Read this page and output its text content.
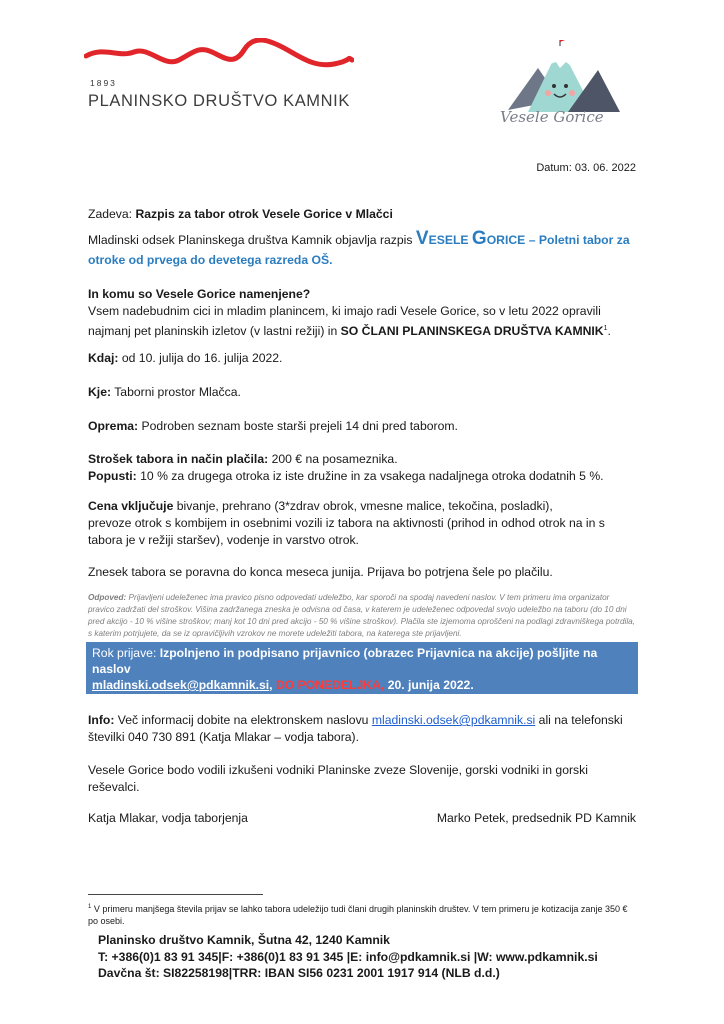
1893
PLANINSKO DRUŠTVO KAMNIK
Vesele Gorice
Datum: 03. 06. 2022
Zadeva: Razpis za tabor otrok Vesele Gorice v Mlačci
Mladinski odsek Planinskega društva Kamnik objavlja razpis VESELE GORICE – Poletni tabor za
otroke od prvega do devetega razreda OŠ.
In komu so Vesele Gorice namenjene?
Vsem nadebudnim cici in mladim planincem, ki imajo radi Vesele Gorice, so v letu 2022 opravili
najmanj pet planinskih izletov (v lastni režiji) in SO ČLANI PLANINSKEGA DRUŠTVA KAMNIK$^1$.
Kdaj: od 10. julija do 16. julija 2022.
Kje: Taborni prostor Mlačca.
Oprema: Podroben seznam boste starši prejeli 14 dni pred taborom.
Strošek tabora in način plačila: 200 € na posameznika.
Popusti: 10 % za drugega otroka iz iste družine in za vsakega nadaljnega otroka dodatnih 5 %.
Cena vključuje bivanje, prehrano (3*zdrav obrok, vmesne malice, tekočina, posladki),
prevoze otrok s kombijem in osebnimi vozili iz tabora na aktivnosti (prihod in odhod otrok na in s
tabora je v režiji staršev), vodenje in varstvo otrok.
Znesek tabora se poravna do konca meseca junija. Prijava bo potrjena šele po plačilu.
Odpoved: Prijavljeni udeleženec ima pravico pisno odpovedati udeležbo, kar sporoči na spodaj navedeni naslov. V tem primeru ima organizator pravico zadržati del stroškov. Višina zadržanega zneska je odvisna od časa, v katerem je udeleženec odpovedal svojo udeležbo na taboru (do 10 dni pred akcijo - 10 % višine stroškov; manj kot 10 dni pred akcijo - 50 % višine stroškov). Plačila ste izjemoma oproščeni na podlagi zdravniškega potrdila, s katerim potrjujete, da se iz opravičljivih vzrokov ne morete udeležiti tabora, na katerega ste prijavljeni.
Rok prijave: Izpolnjeno in podpisano prijavnico (obrazec Prijavnica na akcije) pošljite na naslov
mladinski.odsek@pdkamnik.si, DO PONEDELJKA, 20. junija 2022.
Število prostih mest je omejeno (25), zato pohitite s prijavo.
Info: Več informacij dobite na elektronskem naslovu mladinski.odsek@pdkamnik.si ali na telefonski
številki 040 730 891 (Katja Mlakar – vodja tabora).
Vesele Gorice bodo vodili izkušeni vodniki Planinske zveze Slovenije, gorski vodniki in gorski
reševalci.
Katja Mlakar, vodja taborjenja	Marko Petek, predsednik PD Kamnik
$^1$ V primeru manjšega števila prijav se lahko tabora udeležijo tudi člani drugih planinskih društev. V tem primeru je kotizacija zanje 350 € po osebi.
Planinsko društvo Kamnik, Šutna 42, 1240 Kamnik
T: +386(0)1 83 91 345|F: +386(0)1 83 91 345 |E: info@pdkamnik.si |W: www.pdkamnik.si
Davčna št: SI82258198|TRR: IBAN SI56 0231 2001 1917 914 (NLB d.d.)
